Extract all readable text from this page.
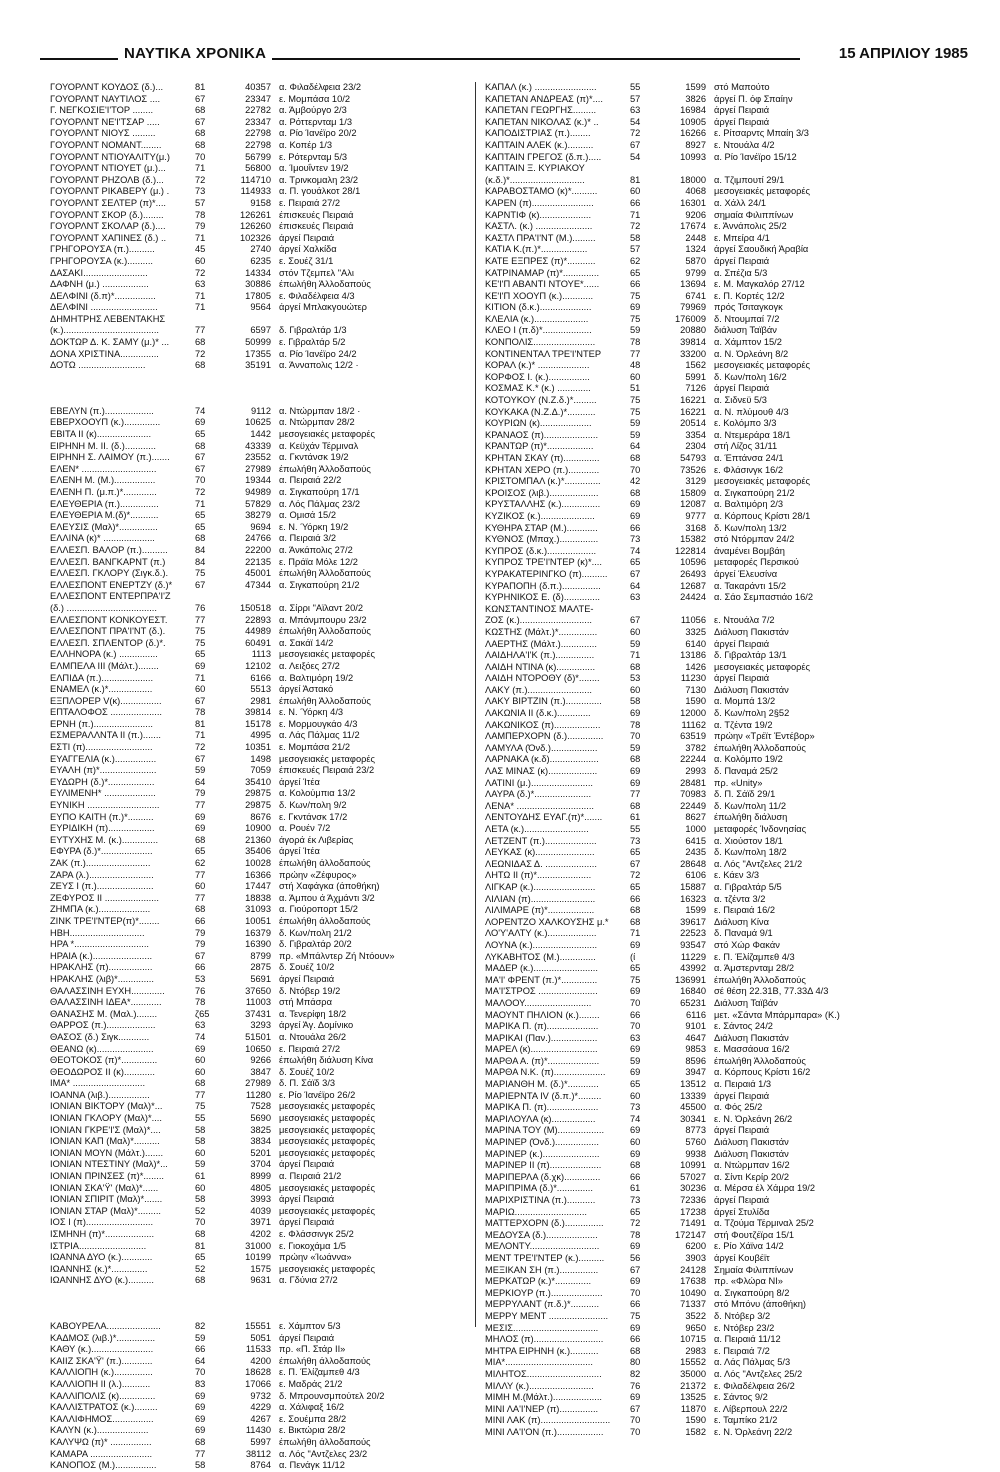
ΝΑΥΤΙΚΑ ΧΡΟΝΙΚΑ	15 ΑΠΡΙΛΙΟΥ 1985
ΓΟΥΟΡΛΝΤ ΚΟΥΔΟΣ (δ.)...	81	40357 α. Φιλαδέλφεια 23/2
ΓΟΥΟΡΛΝΤ ΝΑΥΤΙΛΟΣ ....	67	23347 ε. Μομπάσα 10/2
Γ. ΝΕΓΚΟΣΙΕ'Ι'ΤΟΡ ........	68	22782 α. Άμβούργο 2/3
ΓΟΥΟΡΛΝΤ ΝΕ'Ι'ΤΣΑΡ .....	67	23347 α. Ρόττερνταμ 1/3
ΓΟΥΟΡΛΝΤ ΝΙΟΥΣ .........	68	22798 α. Ρίο Ίανέϊρο 20/2
ΓΟΥΟΡΛΝΤ ΝΟΜΑΝΤ........	68	22798 α. Κοπέρ 1/3
ΓΟΥΟΡΛΝΤ ΝΤΙΟΥΑΛΙΤΥ(μ.)	70	56799 ε. Ρότερνταμ 5/3
ΓΟΥΟΡΛΝΤ ΝΤΙΟΥΕΤ (μ.)...	71	56800 α. Ίμουΐντεν 19/2
ΓΟΥΟΡΛΝΤ ΡΗΖΟΛΒ (δ.)...	72	114710 α. Τρινκομαλη 23/2
ΓΟΥΟΡΛΝΤ ΡΙΚΑΒΕΡΥ (μ.) .	73	114933 α. Π. γουάλκοτ 28/1
ΓΟΥΟΡΛΝΤ ΣΕΛΤΕΡ (π)*....	57	9158 ε. Πειραιά 27/2
ΓΟΥΟΡΛΝΤ ΣΚΟΡ (δ.)........	78	126261 έπισκευές Πειραιά
ΓΟΥΟΡΛΝΤ ΣΚΟΛΑΡ (δ.)....	79	126260 έπισκευές Πειραιά
ΓΟΥΟΡΛΝΤ ΧΑΠΙΝΕΣ (δ.) ..	71	102326 άργεί Πειραιά
ΓΡΗΓΟΡΟΥΣΑ (π.)..........	45	2740 άργεί Χαλκίδα
ΓΡΗΓΟΡΟΥΣΑ (κ.)..........	60	6235 ε. Σουέζ 31/1
ΔΑΣΑΚΙ.........................	72	14334 στόν Τζεμπελ "Αλι
ΔΑΦΝΗ (μ.) ..................	63	30886 έπωλήθη Άλλοδαπούς
ΔΕΛΦΙΝΙ (δ.π)*................	71	17805 ε. Φιλαδέλφεια 4/3
ΔΕΛΦΙΝΙ ..........................	71	9564 άργεί Μπλακγουώτερ
ΔΗΜΗΤΡΗΣ ΛΕΒΕΝΤΑΚΗΣ
(κ.).....................................	77	6597 δ. Γιβραλτάρ 1/3
ΔΟΚΤΩΡ Δ. Κ. ΣΑΜΥ (μ.)* ...	68	50999 ε. Γιβραλτάρ 5/2
ΔΟΝΑ ΧΡΙΣΤΙΝΑ...............	72	17355 α. Ρίο Ίανέϊρο 24/2
ΔΟΤΩ ..........................	68	35191 α. Άνναπολις 12/2 ·
ΕΒΕΛΥΝ (π.)...................	74	9112 α. Ντώρμπαν 18/2 ·
ΕΒΕΡΧΟΟΥΠ (κ.)..............	69	10625 α. Ντώρμπαν 28/2
ΕΒΙΤΑ ΙΙ (κ).....................	65	1442 μεσογειακές μεταφορές
ΕΙΡΗΝΗ Μ. ΙΙ. (δ.)............	68	43339 α. Κεϋχάν Τέρμιναλ
ΕΙΡΗΝΗ Σ. ΛΑΙΜΟΥ (π.).......	67	23552 α. Γκντάνσκ 19/2
ΕΛΕΝ* .............................	67	27989 έπωλήθη Άλλοδαπούς
ΕΛΕΝΗ Μ. (Μ.)................	70	19344 α. Πειραιά 22/2
ΕΛΕΝΗ Π. (μ.π.)*.............	72	94989 α. Σιγκαπούρη 17/1
ΕΛΕΥΘΕΡΙΑ (π.)...............	71	57829 α. Λός Πάλμας 23/2
ΕΛΕΥΘΕΡΙΑ Μ.(δ)*...........	65	38279 α. Ομισά 15/2
ΕΛΕΥΣΙΣ (Μαλ)*...............	65	9694 ε. Ν. Ύόρκη 19/2
ΕΛΛΙΝΑ (κ)* ....................	68	24766 α. Πειραιά 3/2
ΕΛΛΕΣΠ. ΒΑΛΟΡ (π.)..........	84	22200 α. Άνκάπολις 27/2
ΕΛΛΕΣΠ. ΒΑΝΓΚΑΡΝΤ (π.)	84	22135 ε. Πράϊα Μόλε 12/2
ΕΛΛΕΣΠ. ΓΚΛΟΡΥ (Σιγκ.δ.).	75	45001 έπωλήθη Άλλοδαπούς
ΕΛΛΕΣΠΟΝΤ ΕΝΕΡΤΖΥ (δ.)*	67	47344 α. Σιγκαπούρη 21/2
ΕΛΛΕΣΠΟΝΤ ΕΝΤΕΡΠΡΑ'Ι'Ζ
(δ.) ...................................	76	150518 α. Σίρρι "Αϊλαντ 20/2
ΕΛΛΕΣΠΟΝΤ ΚΟΝΚΟΥΕΣΤ.	77	22893 α. Μπάνμπουρυ 23/2
ΕΛΛΕΣΠΟΝΤ ΠΡΑ'Ι'ΝΤ (δ.).	75	44989 έπωλήθη Άλλοδαπούς
ΕΛΛΕΣΠ. ΣΠΛΕΝΤΟΡ (δ.)*.	75	60491 α. Σακάϊ 14/2
ΕΛΛΗΝΟΡΑ (κ.) ...............	65	1113 μεσογειακές μεταφορές
ΕΛΜΠΕΛΑ ΙΙΙ (Μάλτ.)........	69	12102 α. Λειξόες 27/2
ΕΛΠΙΔΑ (π.)....................	71	6166 α. Βαλτιμόρη 19/2
ΕΝΑΜΕΛ (κ.)*.................	60	5513 άργεί Άστακό
ΕΞΠΛΟΡΕΡ V(κ)................	67	2981 έπωλήθη Άλλοδαπούς
ΕΠΤΑΛΟΦΟΣ ....................	78	39814 ε. Ν. Ύόρκη 4/3
ΕΡΝΗ (π.).......................	81	15178 ε. Μορμουγκάο 4/3
ΕΣΜΕΡΑΛΛΝΤΑ ΙΙ (π.).......	71	4995 α. Λάς Πάλμας 11/2
ΕΣΤΙ (π)..........................	72	10351 ε. Μομπάσα 21/2
ΕΥΑΓΓΕΛΙΑ (κ.)................	67	1498 μεσογειακές μεταφορές
ΕΥΑΛΗ (π)*......................	59	7059 έπισκευές Πειραιά 23/2
ΕΥΔΩΡΗ (δ.)*..................	64	35410 άργεί Ίτέα
ΕΥΛΙΜΕΝΗ* ....................	79	29875 α. Κολούμπια 13/2
ΕΥΝΙΚΗ ............................	77	29875 δ. Κων/πολη 9/2
ΕΥΠΟ ΚΑΙΤΗ (π.)*..........	69	8676 ε. Γκντάνσκ 17/2
ΕΥΡΙΔΙΚΗ (π)..................	69	10900 α. Ρουέν 7/2
ΕΥΤΥΧΗΣ Μ. (κ.)..............	68	21360 άγορά έκ Λιβερίας
ΕΦΥΡΑ (δ.)*....................	65	35406 άργεί Ίτέα
ΖΑΚ (π.).........................	62	10028 έπωλήθη άλλοδαπούς
ΖΑΡΑ (λ.).........................	77	16366 πρώην «Ζέφυρος»
ΖΕΥΣ Ι (π.)......................	60	17447 στή Χαφάγκα (άποθήκη)
ΖΕΦΥΡΟΣ ΙΙ .....................	77	18838 α. Άμπου ά Άχμάντι 3/2
ΖΗΜΠΑ (κ.)....................	68	31093 α. Γιούροπορτ 15/2
ΖΙΝΚ ΤΡΕ'Ι'ΝΤΕΡ(π)*........	66	10051 έπωλήθη άλλοδαπούς
ΗΒΗ.............................	79	16379 δ. Κων/πολη 21/2
ΗΡΑ *.............................	79	16390 δ. Γιβραλτάρ 20/2
ΗΡΑΙΑ (κ.).......................	67	8799 πρ. «Μπάλντερ Ζή Ντόουν»
ΗΡΑΚΛΗΣ (π).................	66	2875 δ. Σουέζ 10/2
ΗΡΑΚΛΗΣ (λιβ)*..............	53	5691 άργεί Πειραιά
ΘΑΛΑΣΣΙΝΗ ΕΥΧΗ.............	76	37650 δ. Ντόβερ 19/2
ΘΑΛΑΣΣΙΝΗ ΙΔΕΑ*............	78	11003 στή Μπάσρα
ΘΑΝΑΣΗΣ Μ. (Μαλ.)........	ζ65	37431 α. Τενερίφη 18/2
ΘΑΡΡΟΣ (π.)...................	63	3293 άργεί Άγ. Δομίνικο
ΘΑΣΟΣ (δ.) Σιγκ............	74	51501 α. Ντουάλα 26/2
ΘΕΑΝΩ (κ)......................	69	10650 ε. Πειραιά 27/2
ΘΕΟΤΟΚΟΣ (π)*..............	60	9266 έπωλήθη διάλυση Κίνα
ΘΕΟΔΩΡΟΣ ΙΙ (κ)............	60	3847 δ. Σουέζ 10/2
ΙΜΑ* ............................	68	27989 δ. Π. Σάϊδ 3/3
ΙΟΑΝΝΑ (λιβ.)................	77	11280 ε. Ρίο Ίανέϊρο 26/2
ΙΟΝΙΑΝ ΒΙΚΤΟΡΥ (Μαλ)*...	75	7528 μεσογειακές μεταφορές
ΙΟΝΙΑΝ ΓΚΛΟΡΥ (Μαλ)*....	55	5690 μεσογειακές μεταφορές
ΙΟΝΙΑΝ ΓΚΡΕ'Ι'Σ (Μαλ)*....	58	3825 μεσογειακές μεταφορές
ΙΟΝΙΑΝ ΚΑΠ (Μαλ)*..........	58	3834 μεσογειακές μεταφορές
ΙΟΝΙΑΝ ΜΟΥΝ (Μάλτ.).......	60	5201 μεσογειακές μεταφορές
ΙΟΝΙΑΝ ΝΤΕΣΤΙΝΥ (Μαλ)*...	59	3704 άργεί Πειραιά
ΙΟΝΙΑΝ ΠΡΙΝΣΕΣ (π)*........	61	8999 α. Πειραιά 21/2
ΙΟΝΙΑΝ ΣΚΑ'Ϋ' (Μαλ)*......	60	4805 μεσογειακές μεταφορές
ΙΟΝΙΑΝ ΣΠΙΡΙΤ (Μαλ)*.......	58	3993 άργεί Πειραιά
ΙΟΝΙΑΝ ΣΤΑΡ (Μαλ)*.........	52	4039 μεσογειακές μεταφορές
ΙΟΣ Ι (π)..........................	70	3971 άργεί Πειραιά
ΙΣΜΗΝΗ (π)*...................	68	4202 ε. Φλάσσινγκ 25/2
ΙΣΤΡΙΑ..........................	81	31000 ε. Γιοκοχάμα 1/5
ΙΩΑΝΝΑ ΔΥΟ (κ.)............	65	10199 πρώην «Ίωάννα»
ΙΩΑΝΝΗΣ (κ.)*..............	52	1575 μεσογειακές μεταφορές
ΙΩΑΝΝΗΣ ΔΥΟ (κ.)..........	68	9631 α. Γδύνια 27/2
ΚΑΒΟΥΡΕΛΑ.....................	82	15551 ε. Χάμπτον 5/3
ΚΑΔΜΟΣ (λιβ.)*...............	59	5051 άργεί Πειραιά
ΚΑΘΥ (κ.)........................	66	11533 πρ. «Π. Στάρ ΙΙ»
ΚΑΙΙΖ ΣΚΑ'Ϋ' (π.)............	64	4200 έπωλήθη άλλοδαπούς
ΚΑΛΛΙΟΠΗ (κ.)...............	70	18628 ε. Π. Έλίζαμπεθ 4/3
ΚΑΛΛΙΟΠΗ ΙΙ (λ.)...........	83	17066 ε. Μαδράς 21/2
ΚΑΛΛΙΠΟΛΙΣ (κ)..............	69	9732 δ. Μπρουνσμπούτελ 20/2
ΚΑΛΛΙΣΤΡΑΤΟΣ (κ.).........	69	4229 α. Χάλιφαξ 16/2
ΚΑΛΛΙΦΗΜΟΣ................	69	4267 ε. Σουέμπα 28/2
ΚΑΛΥΝ (κ.)....................	69	11430 ε. Βικτώρια 28/2
ΚΑΛΥΨΩ (π)* ................	68	5997 έπωλήθη άλλοδαπούς
ΚΑΜΑΡΑ ........................	77	38112 α. Λός "Αντζελες 23/2
ΚΑΝΟΠΟΣ (Μ.)................	58	8764 α. Πενάγκ 11/12
ΚΑΠΑΛ (κ.) ........................	55	1599 στό Μαπούτο
ΚΑΠΕΤΑΝ ΑΝΔΡΕΑΣ (π)*....	57	3826 άργεί Π. όφ Σπαίην
ΚΑΠΕΤΑΝ ΓΕΩΡΓΗΣ.........	63	16984 άργεί Πειραιά
ΚΑΠΕΤΑΝ ΝΙΚΟΛΑΣ (κ.)* ..	54	10905 άργεί Πειραιά
ΚΑΠΟΔΙΣΤΡΙΑΣ (π.)........	72	16266 ε. Ρίτσαρντς Μπαίη 3/3
ΚΑΠΤΑΙΝ ΑΛΕΚ (κ.)..........	67	8927 ε. Ντουάλα 4/2
ΚΑΠΤΑΙΝ ΓΡΕΓΟΣ (δ.π.).....	54	10993 α. Ρίο Ίανέϊρο 15/12
ΚΑΠΤΑΙΝ Ξ. ΚΥΡΙΑΚΟΥ
(κ.δ.)*.............................	81	18000 α. Τζιμπουτί 29/1
ΚΑΡΑΒΟΣΤΑΜΟ (κ)*..........	60	4068 μεσογειακές μεταφορές
ΚΑΡΕΝ (π)........................	66	16301 α. Χάλλ 24/1
ΚΑΡΝΤΙΦ (κ)....................	71	9206 σημαία Φιλιππίνων
ΚΑΣΤΛ. (κ.) ......................	72	17674 ε. Άννάπολις 25/2
ΚΑΣΤΛ ΠΡΑ'Ι'ΝΤ (Μ.).........	58	2448 ε. Μπείρα 4/1
ΚΑΤΙΑ Κ.(π.)*..................	57	1324 άργεί Σαουδική Άραβία
ΚΑΤΕ ΕΞΠΡΕΣ (π)*...........	62	5870 άργεί Πειραιά
ΚΑΤΡΙΝΑΜΑΡ (π)*..............	65	9799 α. Σπέζια 5/3
ΚΕ'Ι'Π ΑΒΑΝΤΙ ΝΤΟΥΕ*......	66	13694 ε. Μ. Μαγκαλόρ 27/12
ΚΕ'Ι'Π ΧΟΟΥΠ (κ.)............	75	6741 ε. Π. Κορτές 12/2
ΚΙΤΙΟΝ (δ.κ.)....................	69	79969 πρός Τσιταγκογκ
ΚΛΕΛΙΑ (κ.).....................	75	176009 δ. Ντουμπαί 7/2
ΚΛΕΟ Ι (π.δ)*...................	59	20880 διάλυση Ταϊβάν
ΚΟΝΠΟΛΙΣ........................	78	39814 α. Χάμπτον 15/2
ΚΟΝΤΙΝΕΝΤΑΛ ΤΡΕ'Ι'ΝΤΕΡ	77	33200 α. Ν. Όρλεάνη 8/2
ΚΟΡΑΛ (κ.)* ....................	48	1562 μεσογειακές μεταφορές
ΚΟΡΦΟΣ Ι. (κ.)................	60	5991 δ. Κων/πολη 16/2
ΚΟΣΜΑΣ Κ.* (κ.) .............	51	7126 άργεί Πειραιά
ΚΟΤΟΥΚΟΥ (Ν.Ζ.δ.)*.........	75	16221 α. Σιδνεϋ 5/3
ΚΟΥΚΑΚΑ (Ν.Ζ.Δ.)*...........	75	16221 α. Ν. πλύμουθ 4/3
ΚΟΥΡΙΩΝ (κ)....................	59	20514 ε. Κολόμπο 3/3
ΚΡΑΝΑΟΣ (π).....................	59	3354 α. Ντεμεράρα 18/1
ΚΡΑΝΤΩΡ (π)*..................	64	2304 στή Λίζος 31/11
ΚΡΗΤΑΝ ΣΚΑΥ (π)..............	68	54793 α. Έπτάνσα 24/1
ΚΡΗΤΑΝ ΧΕΡΟ (π.)............	70	73526 ε. Φλάσινγκ 16/2
ΚΡΙΣΤΟΜΠΑΛ (κ.)*..............	42	3129 μεσογειακές μεταφορές
ΚΡΟΙΣΟΣ (λιβ.)...................	68	15809 α. Σιγκαπούρη 21/2
ΚΡΥΣΤΑΛΛΗΣ (κ.)...............	69	12087 α. Βαλτιμόρη 2/3
ΚΥΖΙΚΟΣ (κ.).....................	69	9777 α. Κόρπους Κρίστι 28/1
ΚΥΘΗΡΑ ΣΤΑΡ (Μ.)............	66	3168 δ. Κων/πολη 13/2
ΚΥΘΝΟΣ (Μπαχ.)...............	73	15382 στό Ντόρμπαν 24/2
ΚΥΠΡΟΣ (δ.κ.)...................	74	122814 άναμένει Βομβάη
ΚΥΠΡΟΣ ΤΡΕ'Ι'ΝΤΕΡ (κ)*....	65	10596 μεταφορές Περσικού
ΚΥΡΑΚΑΤΕΡΙΝΓΚΟ (π)..........	67	26493 άργεί Έλευσίνα
ΚΥΡΑΠΟΠΗ (δ.π.)...............	64	12687 α. Τακαράντι 15/2
ΚΥΡΗΝΙΚΟΣ Ε. (δ)..............	63	24424 α. Σάο Σεμπαστιάο 16/2
ΚΩΝΣΤΑΝΤΙΝΟΣ ΜΑΛΤΕ-
ΖΟΣ (κ.)............................	67	11056 ε. Ντουάλα 7/2
ΚΩΣΤΗΣ (Μάλτ.)*...............	60	3325 Διάλυση Πακιστάν
ΛΑΕΡΤΗΣ (Μάλτ.)..............	59	6140 άργεί Πειραιά
ΛΑΙΔΗΛΑ'Ι'Κ (π.)...............	71	13186 δ. Γιβραλτάρ 13/1
ΛΑΙΔΗ ΝΤΙΝΑ (κ)...............	68	1426 μεσογειακές μεταφορές
ΛΑΙΔΗ ΝΤΟΡΟΘΥ (δ)*........	53	11230 άργεί Πειραιά
ΛΑΚΥ (π.).........................	60	7130 Διάλυση Πακιστάν
ΛΑΚΥ ΒΙΡΤΖΙΝ (π.)..............	58	1590 α. Μομπά 13/2
ΛΑΚΩΝΙΑ ΙΙ (δ.κ.).............	69	12000 δ. Κων/πολη 2§52
ΛΑΚΩΝΙΚΟΣ (π)..................	78	11162 α. Τζέντα 19/2
ΛΑΜΠΕΡΧΟΡΝ (δ.)..............	70	63519 πρώην «Τρέϊτ Έντέβορ»
ΛΑΜΥΛΑ (Όνδ.)..................	59	3782 έπωλήθη Άλλοδαπούς
ΛΑΡΝΑΚΑ (κ.δ)...................	68	22244 α. Κολόμπο 19/2
ΛΑΣ ΜΙΝΑΣ (κ)...................	69	2993 δ. Παναμά 25/2
ΛΑΤΙΝΙ (μ.)........................	69	28481 πρ. «Unity»
ΛΑΥΡΑ (δ.)*......................	77	70983 δ. Π. Σάϊδ 29/1
ΛΕΝΑ* ..............................	68	22449 δ. Κων/πολη 11/2
ΛΕΝΤΟΥΔΗΣ ΕΥΑΓ.(π)*.......	61	8627 έπωλήθη διάλυση
ΛΕΤΑ (κ.).........................	55	1000 μεταφορές Ίνδονησίας
ΛΕΤΖΕΝΤ (π.)....................	73	6415 α. Χιούστον 18/1
ΛΕΥΚΑΣ (κ).......................	65	2435 δ. Κων/πολη 18/2
ΛΕΩΝΙΔΑΣ Δ. ....................	67	28648 α. Λός "Αντζελες 21/2
ΛΗΤΩ ΙΙ (π)*.....................	72	6106 ε. Κάεν 3/3
ΛΙΓΚΑΡ (κ.)........................	65	15887 α. Γιβραλτάρ 5/5
ΛΙΛΙΑΝ (π).........................	66	16323 α. τζέντα 3/2
ΛΙΛΙΜΑΡΕ (π)*..................	68	1599 ε. Πειραιά 16/2
ΛΟΡΕΝΤΖΟ ΧΑΛΚΟΥΣΗΣ μ.*	68	39617 Διάλυση Κίνα
ΛΟ'Υ'ΑΛΤΥ (κ.)...................	71	22523 δ. Παναμά 9/1
ΛΟΥΝΑ (κ.).........................	69	93547 στό Χώρ Φακάν
ΛΥΚΑΒΗΤΟΣ (Μ.)..............	(ί	11229 ε. Π. Έλίζαμπεθ 4/3
ΜΑΔΕΡ (κ.).........................	65	43992 α. Άμστερνταμ 28/2
ΜΑ'Ι' ΦΡΕΝΤ (π.)*..............	75	136991 έπωλήθη Άλλοδαπούς
ΜΑ'Ι'ΣΤΡΟΣ .......................	69	16840 σέ θέση 22.31Β, 77.33Δ 4/3
ΜΑΛΟΟΥ..........................	70	65231 Διάλυση Ταϊβάν
ΜΑΟΥΝΤ ΠΗΛΙΟΝ (κ.)........	66	6116 μετ. «Σάντα Μπάρμπαρα» (Κ.)
ΜΑΡΙΚΑ Π. (π)....................	70	9101 ε. Σάντος 24/2
ΜΑΡΙΚΑΙ (Παν.)..................	63	4647 Διάλυση Πακιστάν
ΜΑΡΕΛ (κ)..........................	69	9853 ε. Μασσάουα 16/2
ΜΑΡΘΑ Α. (π)*....................	59	8596 έπωλήθη Άλλοδαπούς
ΜΑΡΘΑ Ν.Κ. (π)....................	69	3947 α. Κόρπους Κρίστι 16/2
ΜΑΡΙΑΝΘΗ Μ. (δ.)*............	65	13512 α. Πειραιά 1/3
ΜΑΡΙΕΡΝΤΑ IV (δ.π.)*.........	60	13339 άργεί Πειραιά
ΜΑΡΙΚΑ Π. (π)....................	73	45500 α. Φός 25/2
ΜΑΡΙΛΟΥΛΑ (κ).................	74	30341 ε. Ν. Όρλεάνη 26/2
ΜΑΡΙΝΑ ΤΟΥ (Μ)..................	69	8773 άργεί Πειραιά
ΜΑΡΙΝΕΡ (Όνδ.).................	60	5760 Διάλυση Πακιστάν
ΜΑΡΙΝΕΡ (κ.)......................	69	9938 Διάλυση Πακιστάν
ΜΑΡΙΝΕΡ ΙΙ (π)....................	68	10991 α. Ντώρμπαν 16/2
ΜΑΡΙΠΕΡΛΑ (δ.χκ)..............	66	57027 α. Σίντι Κερίρ 20/2
ΜΑΡΙΠΡΙΜΑ (δ.)*..............	61	30236 α. Μέρσα έλ Χάμρα 19/2
ΜΑΡΙΧΡΙΣΤΙΝΑ (π.)...........	73	72336 άργεί Πειραιά
ΜΑΡΙΩ............................	65	17238 άργεί Στυλίδα
ΜΑΤΤΕΡΧΟΡΝ (δ.)...............	72	71491 α. Τζούμα Τέρμιναλ 25/2
ΜΕΔΟΥΣΑ (δ.)....................	78	172147 στή Φουτζέϊρα 15/1
ΜΕΛΟΝΤΥ...........................	69	6200 ε. Ρίο Χάϊνα 14/2
ΜΕΝΤ ΤΡΕ'Ι'ΝΤΕΡ (κ.)..........	56	3903 άργεί Κουβέϊτ
ΜΕΞΙΚΑΝ ΣΗ (π.)...............	67	24128 Σημαία Φιλιππίνων
ΜΕΡΚΑΤΩΡ (κ.)*..............	69	17638 πρ. «Φλώρα ΝΙ»
ΜΕΡΚΙΟΥΡ (π.)....................	70	10490 α. Σιγκαπούρη 8/2
ΜΕΡΡΥΛΑΝΤ (π.δ.)*...........	66	71337 στό Μπόνυ (άποθήκη)
ΜΕΡΡΥ ΜΕΝΤ .......................	75	3522 δ. Ντόβερ 3/2
ΜΕΣΙΣ.................................	69	9650 ε. Ντόβερ 23/2
ΜΗΛΟΣ (π)...........................	66	10715 α. Πειραιά 11/12
ΜΗΤΡΑ ΕΙΡΗΝΗ (κ.)...........	68	2983 ε. Πειραιά 7/2
ΜΙΑ*..................................	80	15552 α. Λάς Πάλμας 5/3
ΜΙΛΗΤΟΣ.............................	82	35000 α. Λός "Αντζελες 25/2
ΜΙΛΛΥ (κ.).........................	76	21372 ε. Φιλαδέλφεια 26/2
ΜΙΜΗ Μ.(Μάλτ.)...................	69	13525 ε. Σάντος 9/2
ΜΙΝΙ ΛΑ'Ι'ΝΕΡ (π)...............	67	11870 ε. Λίβερπουλ 22/2
ΜΙΝΙ ΛΑΚ (π)...........................	70	1590 ε. Ταμπίκο 21/2
ΜΙΝΙ ΛΑ'Ι'ΟΝ (π.)..................	70	1582 ε. Ν. Όρλεάνη 22/2
